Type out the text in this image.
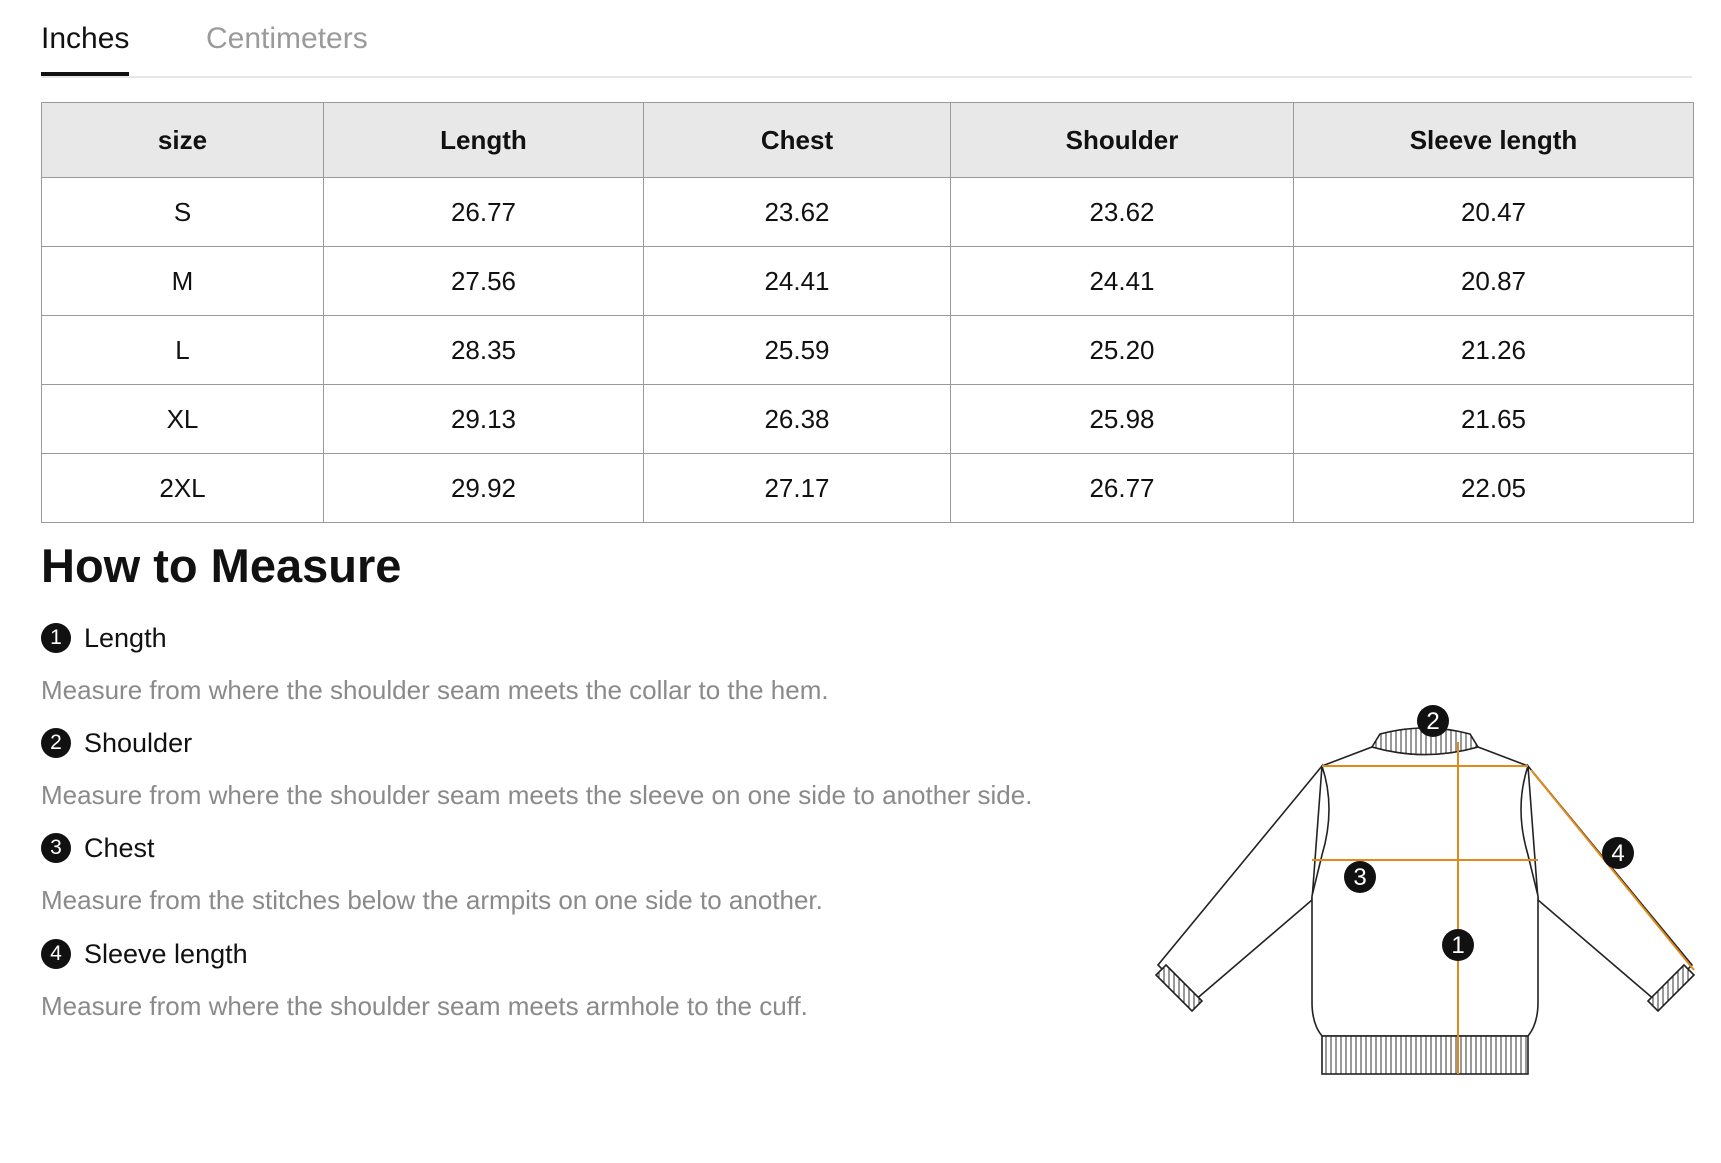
Inches	Centimeters
size	Length	Chest	Shoulder	Sleeve length
S	26.77	23.62	23.62	20.47
M	27.56	24.41	24.41	20.87
L	28.35	25.59	25.20	21.26
XL	29.13	26.38	25.98	21.65
2XL	29.92	27.17	26.77	22.05
How to Measure
1 Length
Measure from where the shoulder seam meets the collar to the hem.
2 Shoulder
Measure from where the shoulder seam meets the sleeve on one side to another side.
3 Chest
Measure from the stitches below the armpits on one side to another.
4 Sleeve length
Measure from where the shoulder seam meets armhole to the cuff.
2
4
3
1
